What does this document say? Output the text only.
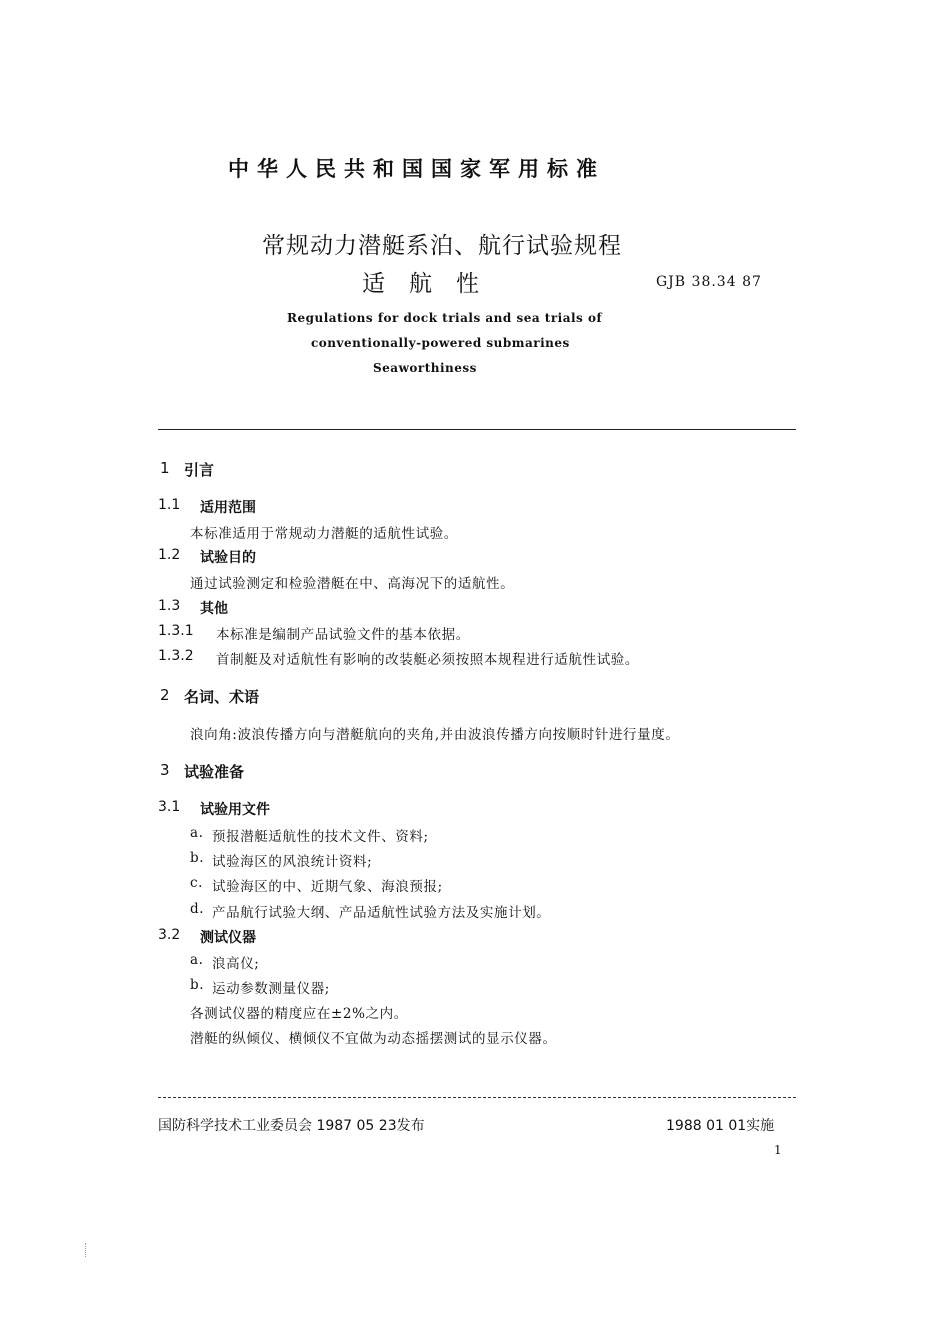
中华人民共和国国家军用标准
常规动力潜艇系泊、航行试验规程
适航性	GJB 38.34 87
Regulations for dock trials and sea trials of
conventionally-powered submarines
Seaworthiness
1 引言
1.1 适用范围
本标准适用于常规动力潜艇的适航性试验。
1.2 试验目的
通过试验测定和检验潜艇在中、高海况下的适航性。
1.3 其他
1.3.1 本标准是编制产品试验文件的基本依据。
1.3.2 首制艇及对适航性有影响的改装艇必须按照本规程进行适航性试验。
2 名词、术语
浪向角:波浪传播方向与潜艇航向的夹角,并由波浪传播方向按顺时针进行量度。
3 试验准备
3.1 试验用文件
a. 预报潜艇适航性的技术文件、资料;
b. 试验海区的风浪统计资料;
c. 试验海区的中、近期气象、海浪预报;
d. 产品航行试验大纲、产品适航性试验方法及实施计划。
3.2 测试仪器
a. 浪高仪;
b. 运动参数测量仪器;
各测试仪器的精度应在±2%之内。
潜艇的纵倾仪、横倾仪不宜做为动态摇摆测试的显示仪器。
国防科学技术工业委员会 1987 05 23发布	1988 01 01实施
1
